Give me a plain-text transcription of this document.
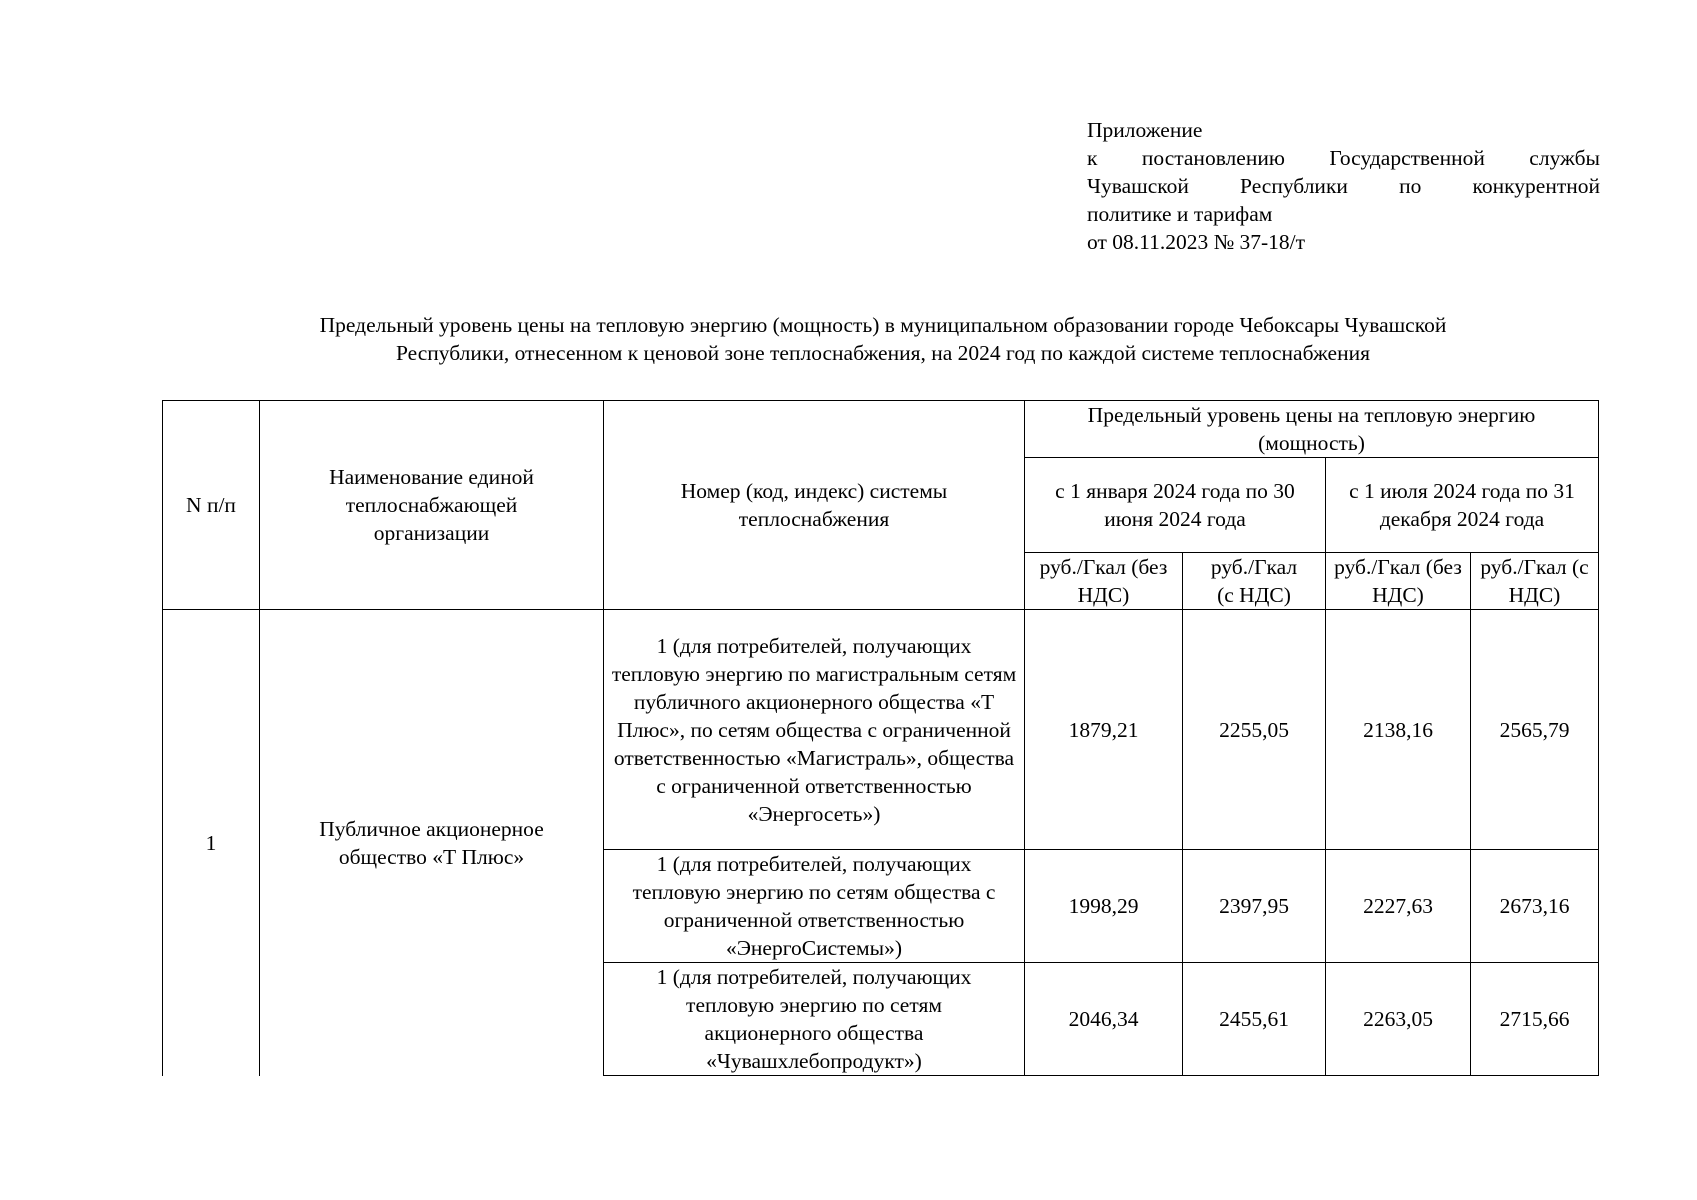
Приложение
к постановлению Государственной службы
Чувашской Республики по конкурентной
политике и тарифам
от 08.11.2023 № 37-18/т
Предельный уровень цены на тепловую энергию (мощность) в муниципальном образовании городе Чебоксары Чувашской
Республики, отнесенном к ценовой зоне теплоснабжения, на 2024 год по каждой системе теплоснабжения
N п/п	Наименование единой теплоснабжающей организации	Номер (код, индекс) системы теплоснабжения	Предельный уровень цены на тепловую энергию (мощность)			

			с 1 января 2024 года по 30 июня 2024 года		с 1 июля 2024 года по 31 декабря 2024 года	

			руб./Гкал (без НДС)	руб./Гкал (с НДС)	руб./Гкал (без НДС)	руб./Гкал (с НДС)

1	Публичное акционерное общество «Т Плюс»	1 (для потребителей, получающих тепловую энергию по магистральным сетям публичного акционерного общества «Т Плюс», по сетям общества с ограниченной ответственностью «Магистраль», общества с ограниченной ответственностью «Энергосеть»)	1879,21	2255,05	2138,16	2565,79

		1 (для потребителей, получающих тепловую энергию по сетям общества с ограниченной ответственностью «ЭнергоСистемы»)	1998,29	2397,95	2227,63	2673,16

		1 (для потребителей, получающих тепловую энергию по сетям акционерного общества «Чувашхлебопродукт»)	2046,34	2455,61	2263,05	2715,66
